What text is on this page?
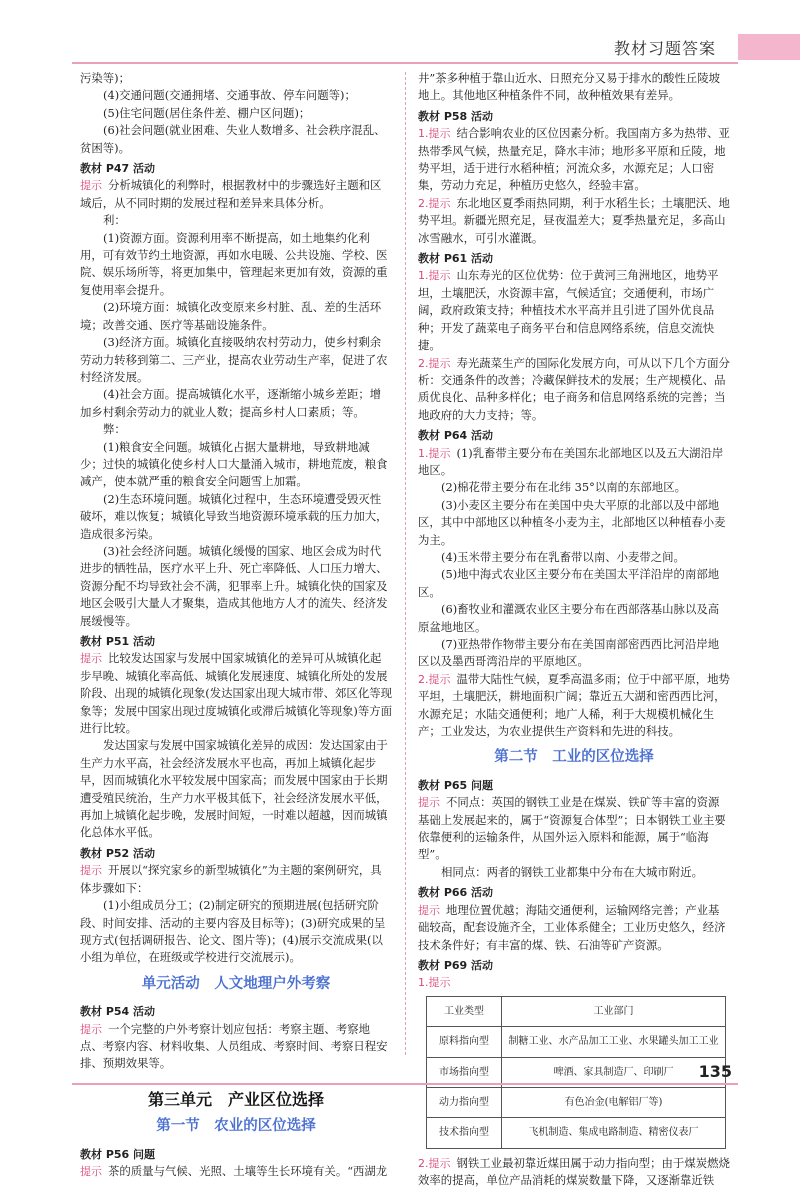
教材习题答案

污染等)；

(4)交通问题(交通拥堵、交通事故、停车问题等)；

(5)住宅问题(居住条件差、棚户区问题)；

(6)社会问题(就业困难、失业人数增多、社会秩序混乱、贫困等)。

教材 P47 活动

提示 分析城镇化的利弊时，根据教材中的步骤选好主题和区域后，从不同时期的发展过程和差异来具体分析。

利：

(1)资源方面。资源利用率不断提高，如土地集约化利用，可有效节约土地资源，再如水电暖、公共设施、学校、医院、娱乐场所等，将更加集中，管理起来更加有效，资源的重复使用率会提升。

(2)环境方面：城镇化改变原来乡村脏、乱、差的生活环境；改善交通、医疗等基础设施条件。

(3)经济方面。城镇化直接吸纳农村劳动力，使乡村剩余劳动力转移到第二、三产业，提高农业劳动生产率，促进了农村经济发展。

(4)社会方面。提高城镇化水平，逐渐缩小城乡差距；增加乡村剩余劳动力的就业人数；提高乡村人口素质；等。

弊：

(1)粮食安全问题。城镇化占据大量耕地，导致耕地减少；过快的城镇化使乡村人口大量涌入城市，耕地荒废，粮食减产，使本就严重的粮食安全问题雪上加霜。

(2)生态环境问题。城镇化过程中，生态环境遭受毁灭性破坏，难以恢复；城镇化导致当地资源环境承载的压力加大，造成很多污染。

(3)社会经济问题。城镇化缓慢的国家、地区会成为时代进步的牺牲品，医疗水平上升、死亡率降低、人口压力增大、资源分配不均导致社会不满，犯罪率上升。城镇化快的国家及地区会吸引大量人才聚集，造成其他地方人才的流失、经济发展缓慢等。

教材 P51 活动

提示 比较发达国家与发展中国家城镇化的差异可从城镇化起步早晚、城镇化率高低、城镇化发展速度、城镇化所处的发展阶段、出现的城镇化现象(发达国家出现大城市带、郊区化等现象等；发展中国家出现过度城镇化或滞后城镇化等现象)等方面进行比较。

发达国家与发展中国家城镇化差异的成因：发达国家由于生产力水平高，社会经济发展水平也高，再加上城镇化起步早，因而城镇化水平较发展中国家高；而发展中国家由于长期遭受殖民统治，生产力水平极其低下，社会经济发展水平低，再加上城镇化起步晚，发展时间短，一时难以超越，因而城镇化总体水平低。

教材 P52 活动

提示 开展以“探究家乡的新型城镇化”为主题的案例研究，具体步骤如下：

(1)小组成员分工；(2)制定研究的预期进展(包括研究阶段、时间安排、活动的主要内容及目标等)；(3)研究成果的呈现方式(包括调研报告、论文、图片等)；(4)展示交流成果(以小组为单位，在班级或学校进行交流展示)。

单元活动　人文地理户外考察

教材 P54 活动

提示 一个完整的户外考察计划应包括：考察主题、考察地点、考察内容、材料收集、人员组成、考察时间、考察日程安排、预期效果等。

第三单元　产业区位选择
第一节　农业的区位选择

教材 P56 问题

提示 茶的质量与气候、光照、土壤等生长环境有关。“西湖龙

井”茶多种植于靠山近水、日照充分又易于排水的酸性丘陵坡地上。其他地区种植条件不同，故种植效果有差异。

教材 P58 活动

1.提示 结合影响农业的区位因素分析。我国南方多为热带、亚热带季风气候，热量充足，降水丰沛；地形多平原和丘陵，地势平坦，适于进行水稻种植；河流众多，水源充足；人口密集，劳动力充足，种植历史悠久，经验丰富。

2.提示 东北地区夏季雨热同期，利于水稻生长；土壤肥沃、地势平坦。新疆光照充足，昼夜温差大；夏季热量充足，多高山冰雪融水，可引水灌溉。

教材 P61 活动

1.提示 山东寿光的区位优势：位于黄河三角洲地区，地势平坦，土壤肥沃，水资源丰富，气候适宜；交通便利，市场广阔，政府政策支持；种植技术水平高并且引进了国外优良品种；开发了蔬菜电子商务平台和信息网络系统，信息交流快捷。

2.提示 寿光蔬菜生产的国际化发展方向，可从以下几个方面分析：交通条件的改善；冷藏保鲜技术的发展；生产规模化、品质优良化、品种多样化；电子商务和信息网络系统的完善；当地政府的大力支持；等。

教材 P64 活动

1.提示 (1)乳畜带主要分布在美国东北部地区以及五大湖沿岸地区。

(2)棉花带主要分布在北纬 35°以南的东部地区。

(3)小麦区主要分布在美国中央大平原的北部以及中部地区，其中中部地区以种植冬小麦为主，北部地区以种植春小麦为主。

(4)玉米带主要分布在乳畜带以南、小麦带之间。

(5)地中海式农业区主要分布在美国太平洋沿岸的南部地区。

(6)畜牧业和灌溉农业区主要分布在西部落基山脉以及高原盆地地区。

(7)亚热带作物带主要分布在美国南部密西西比河沿岸地区以及墨西哥湾沿岸的平原地区。

2.提示 温带大陆性气候，夏季高温多雨；位于中部平原，地势平坦，土壤肥沃，耕地面积广阔；靠近五大湖和密西西比河，水源充足；水陆交通便利；地广人稀，利于大规模机械化生产；工业发达，为农业提供生产资料和先进的科技。

第二节　工业的区位选择

教材 P65 问题

提示 不同点：英国的钢铁工业是在煤炭、铁矿等丰富的资源基础上发展起来的，属于“资源复合体型”；日本钢铁工业主要依靠便利的运输条件，从国外运入原料和能源，属于“临海型”。

相同点：两者的钢铁工业都集中分布在大城市附近。

教材 P66 活动

提示 地理位置优越；海陆交通便利，运输网络完善；产业基础较高，配套设施齐全，工业体系健全；工业历史悠久，经济技术条件好；有丰富的煤、铁、石油等矿产资源。

教材 P69 活动

1.提示

工业类型	工业部门
原料指向型	制糖工业、水产品加工工业、水果罐头加工工业
市场指向型	啤酒、家具制造厂、印刷厂
动力指向型	有色冶金(电解铝厂等)
技术指向型	飞机制造、集成电路制造、精密仪表厂

2.提示 钢铁工业最初靠近煤田属于动力指向型；由于煤炭燃烧效率的提高，单位产品消耗的煤炭数量下降，又逐渐靠近铁

135
